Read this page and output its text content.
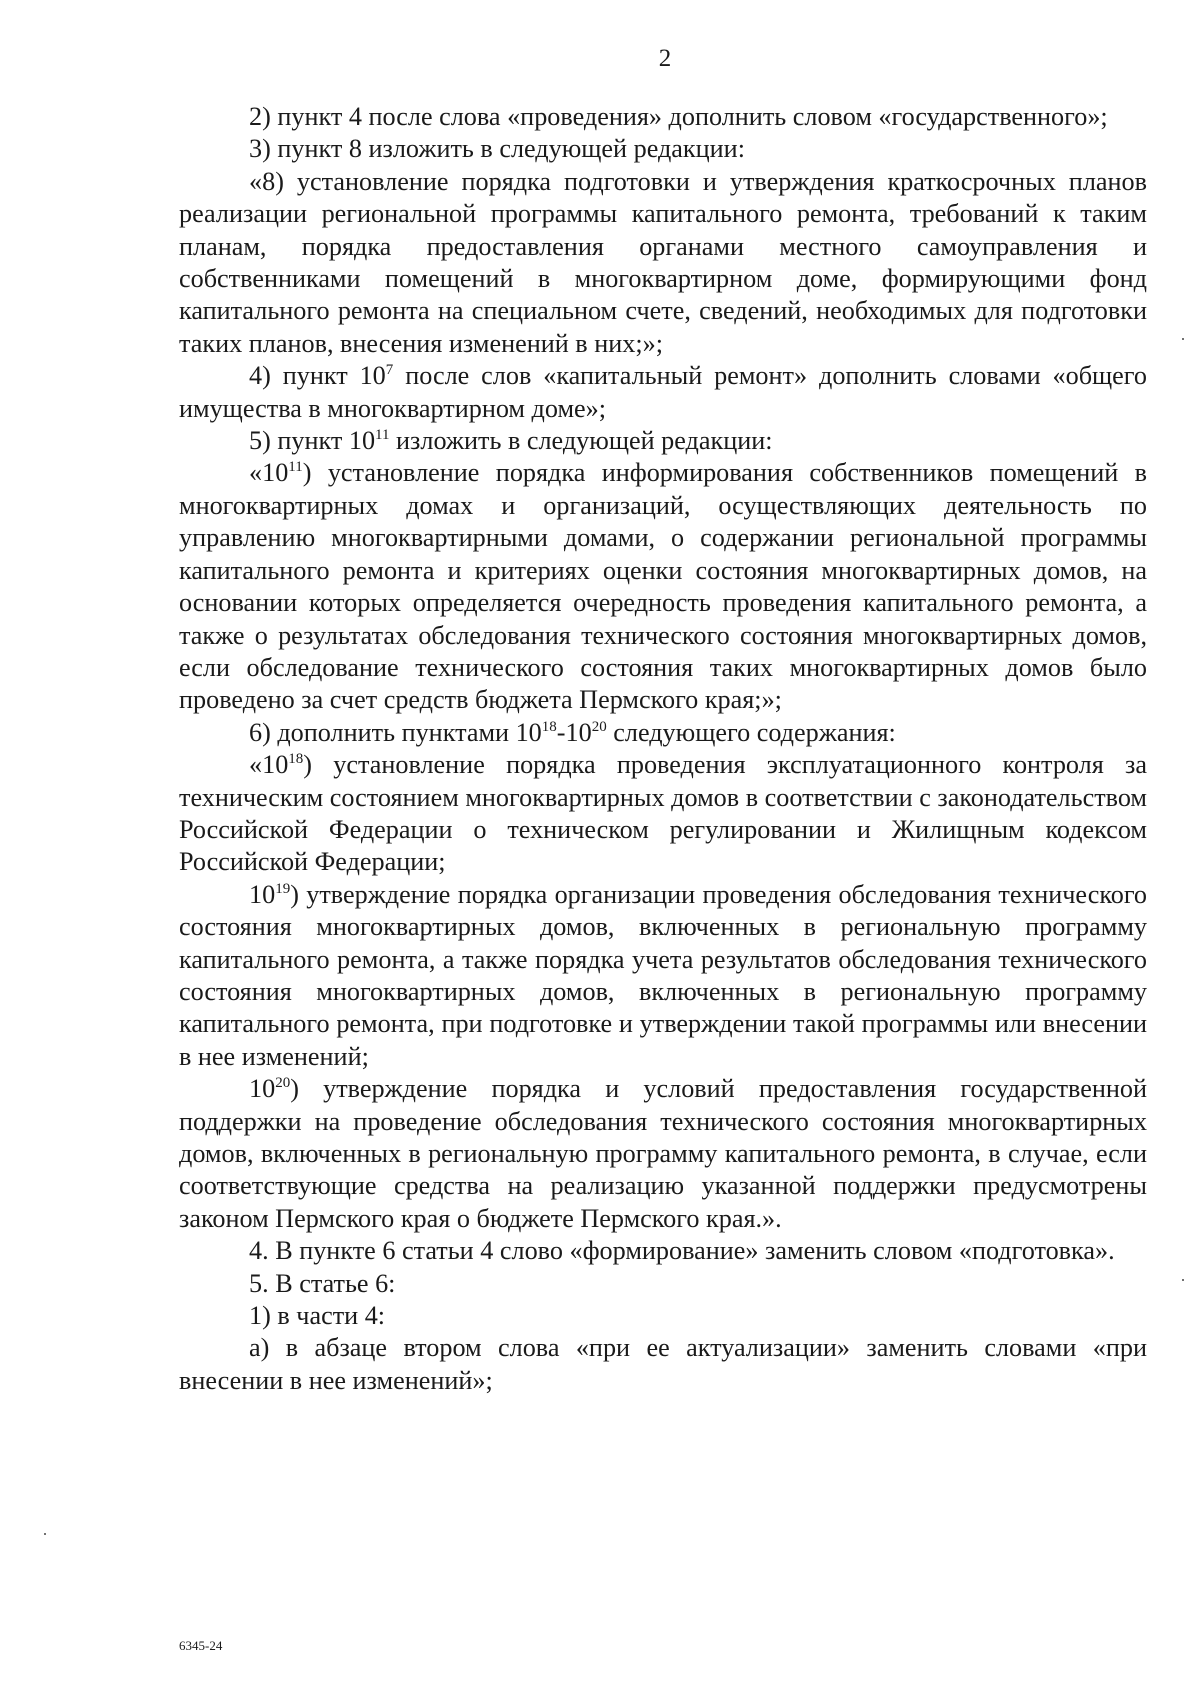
2

2) пункт 4 после слова «проведения» дополнить словом «государственного»;

3) пункт 8 изложить в следующей редакции:

«8) установление порядка подготовки и утверждения краткосрочных планов реализации региональной программы капитального ремонта, требований к таким планам, порядка предоставления органами местного самоуправления и собственниками помещений в многоквартирном доме, формирующими фонд капитального ремонта на специальном счете, сведений, необходимых для подготовки таких планов, внесения изменений в них;»;

4) пункт $10^7$ после слов «капитальный ремонт» дополнить словами «общего имущества в многоквартирном доме»;

5) пункт $10^{11}$ изложить в следующей редакции:

«$10^{11}$) установление порядка информирования собственников помещений в многоквартирных домах и организаций, осуществляющих деятельность по управлению многоквартирными домами, о содержании региональной программы капитального ремонта и критериях оценки состояния многоквартирных домов, на основании которых определяется очередность проведения капитального ремонта, а также о результатах обследования технического состояния многоквартирных домов, если обследование технического состояния таких многоквартирных домов было проведено за счет средств бюджета Пермского края;»;

6) дополнить пунктами $10^{18}-10^{20}$ следующего содержания:

«$10^{18}$) установление порядка проведения эксплуатационного контроля за техническим состоянием многоквартирных домов в соответствии с законодательством Российской Федерации о техническом регулировании и Жилищным кодексом Российской Федерации;

$10^{19}$) утверждение порядка организации проведения обследования технического состояния многоквартирных домов, включенных в региональную программу капитального ремонта, а также порядка учета результатов обследования технического состояния многоквартирных домов, включенных в региональную программу капитального ремонта, при подготовке и утверждении такой программы или внесении в нее изменений;

$10^{20}$) утверждение порядка и условий предоставления государственной поддержки на проведение обследования технического состояния многоквартирных домов, включенных в региональную программу капитального ремонта, в случае, если соответствующие средства на реализацию указанной поддержки предусмотрены законом Пермского края о бюджете Пермского края.».

4. В пункте 6 статьи 4 слово «формирование» заменить словом «подготовка».

5. В статье 6:

1) в части 4:

а) в абзаце втором слова «при ее актуализации» заменить словами «при внесении в нее изменений»;

6345-24
